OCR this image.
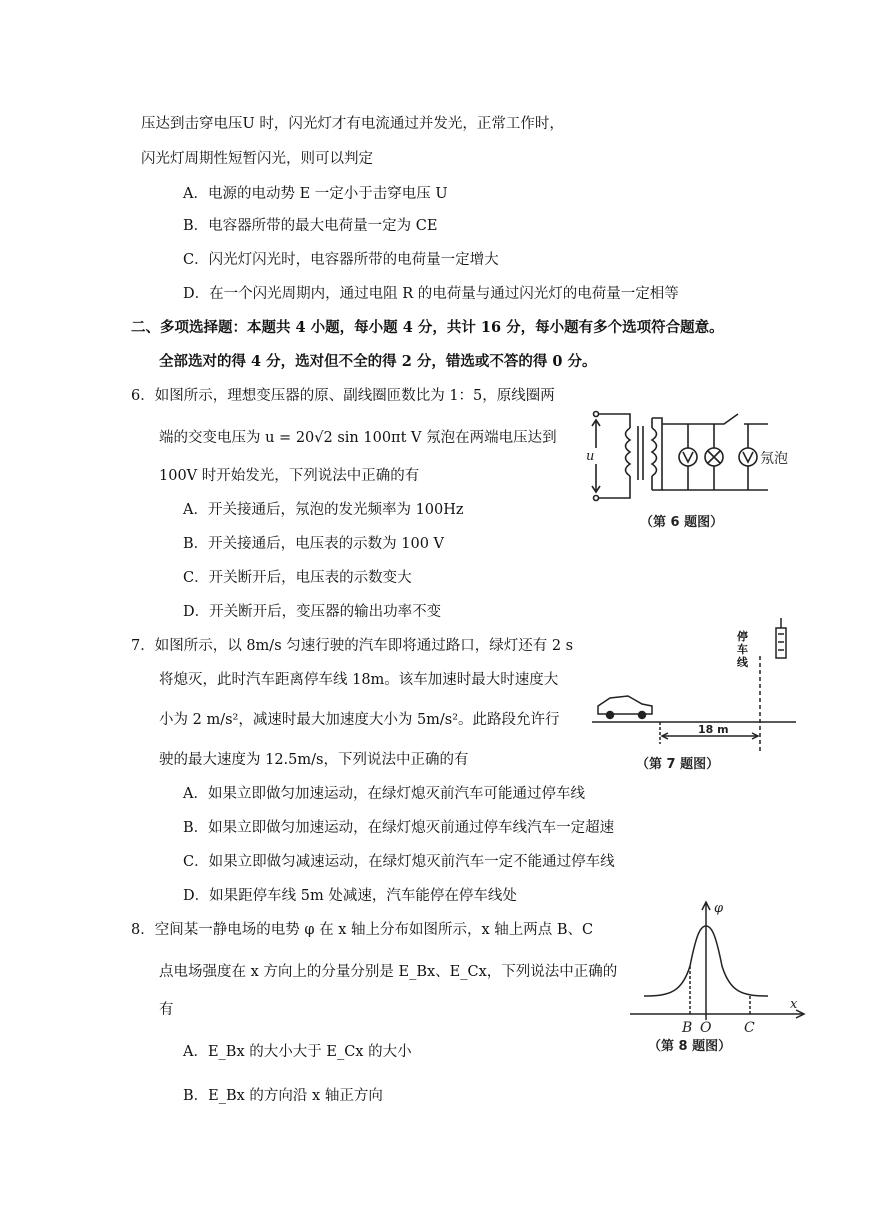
压达到击穿电压U 时，闪光灯才有电流通过并发光，正常工作时，
闪光灯周期性短暂闪光，则可以判定
A．电源的电动势 E 一定小于击穿电压 U
B．电容器所带的最大电荷量一定为 CE
C．闪光灯闪光时，电容器所带的电荷量一定增大
D．在一个闪光周期内，通过电阻 R 的电荷量与通过闪光灯的电荷量一定相等
二、多项选择题：本题共 4 小题，每小题 4 分，共计 16 分，每小题有多个选项符合题意。
全部选对的得 4 分，选对但不全的得 2 分，错选或不答的得 0 分。
6．如图所示，理想变压器的原、副线圈匝数比为 1：5，原线圈两
端的交变电压为 u = 20√2 sin 100πt V 氖泡在两端电压达到
100V 时开始发光，下列说法中正确的有
A．开关接通后，氖泡的发光频率为 100Hz
B．开关接通后，电压表的示数为 100 V
C．开关断开后，电压表的示数变大
D．开关断开后，变压器的输出功率不变
7．如图所示，以 8m/s 匀速行驶的汽车即将通过路口，绿灯还有 2 s
将熄灭，此时汽车距离停车线 18m。该车加速时最大时速度大
小为 2 m/s²，减速时最大加速度大小为 5m/s²。此路段允许行
驶的最大速度为 12.5m/s，下列说法中正确的有
A．如果立即做匀加速运动，在绿灯熄灭前汽车可能通过停车线
B．如果立即做匀加速运动，在绿灯熄灭前通过停车线汽车一定超速
C．如果立即做匀减速运动，在绿灯熄灭前汽车一定不能通过停车线
D．如果距停车线 5m 处减速，汽车能停在停车线处
8．空间某一静电场的电势 φ 在 x 轴上分布如图所示，x 轴上两点 B、C
点电场强度在 x 方向上的分量分别是 E_Bx、E_Cx，下列说法中正确的
有
A．E_Bx 的大小大于 E_Cx 的大小
B．E_Bx 的方向沿 x 轴正方向
u	氖泡
（第 6 题图）
18 m
（第 7 题图）
停车线
φ
x
B O C
（第 8 题图）
